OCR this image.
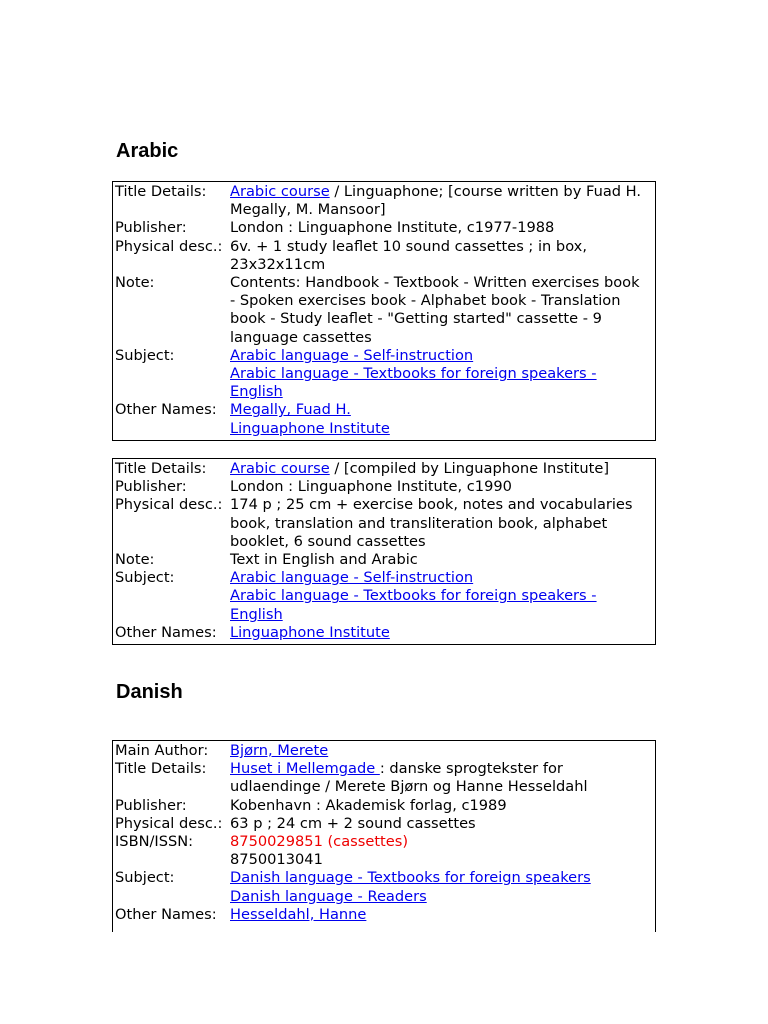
Arabic
Title Details:	Arabic course / Linguaphone; [course written by Fuad H. Megally, M. Mansoor]
Publisher:	London : Linguaphone Institute, c1977-1988
Physical desc.: 6v. + 1 study leaflet 10 sound cassettes ; in box, 23x32x11cm
Note:	Contents: Handbook - Textbook - Written exercises book - Spoken exercises book - Alphabet book - Translation book - Study leaflet - "Getting started" cassette - 9 language cassettes
Subject:	Arabic language - Self-instruction
Arabic language - Textbooks for foreign speakers - English
Other Names: Megally, Fuad H.
Linguaphone Institute
Title Details:	Arabic course / [compiled by Linguaphone Institute]
Publisher:	London : Linguaphone Institute, c1990
Physical desc.: 174 p ; 25 cm + exercise book, notes and vocabularies book, translation and transliteration book, alphabet booklet, 6 sound cassettes
Note:	Text in English and Arabic
Subject:	Arabic language - Self-instruction
Arabic language - Textbooks for foreign speakers - English
Other Names: Linguaphone Institute
Danish
Main Author:	Bjørn, Merete
Title Details:	Huset i Mellemgade : danske sprogtekster for udlaendinge / Merete Bjørn og Hanne Hesseldahl
Publisher:	Kobenhavn : Akademisk forlag, c1989
Physical desc.: 63 p ; 24 cm + 2 sound cassettes
ISBN/ISSN:	8750029851 (cassettes)
8750013041
Subject:	Danish language - Textbooks for foreign speakers
Danish language - Readers
Other Names: Hesseldahl, Hanne
